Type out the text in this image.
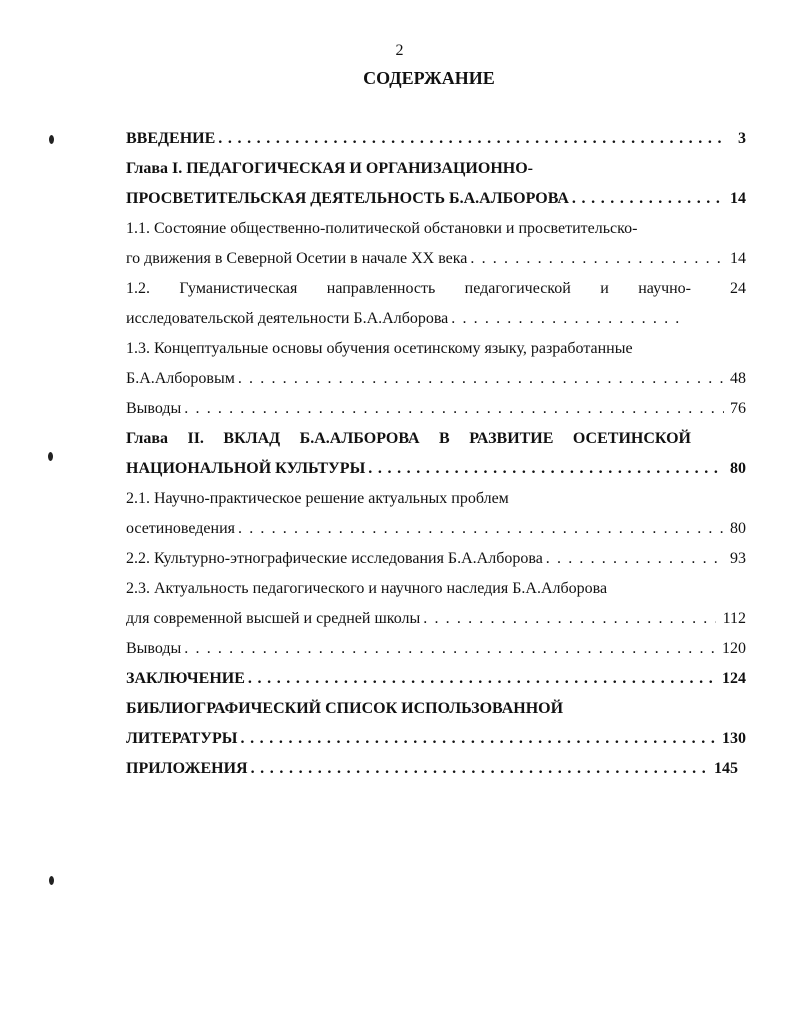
2
СОДЕРЖАНИЕ
ВВЕДЕНИЕ . . .	3
Глава I. ПЕДАГОГИЧЕСКАЯ И ОРГАНИЗАЦИОННО-
ПРОСВЕТИТЕЛЬСКАЯ ДЕЯТЕЛЬНОСТЬ Б.А.АЛБОРОВА . . .	14
1.1. Состояние общественно-политической обстановки и просветительско-
го движения в Северной Осетии в начале XX века . . .	14
1.2. Гуманистическая направленность педагогической и научно-	24
исследовательской деятельности Б.А.Алборова
. . .
1.3. Концептуальные основы обучения осетинскому языку, разработанные
Б.А.Алборовым . . .	48
Выводы . . .	76
Глава II. ВКЛАД Б.А.АЛБОРОВА В РАЗВИТИЕ ОСЕТИНСКОЙ
НАЦИОНАЛЬНОЙ КУЛЬТУРЫ . . .	80
2.1. Научно-практическое решение актуальных проблем
осетиноведения . . .	80
2.2. Культурно-этнографические исследования Б.А.Алборова . . .	93
2.3. Актуальность педагогического и научного наследия Б.А.Алборова
для современной высшей и средней школы . . .	112
Выводы . . .	120
ЗАКЛЮЧЕНИЕ . . .	124
БИБЛИОГРАФИЧЕСКИЙ СПИСОК ИСПОЛЬЗОВАННОЙ
ЛИТЕРАТУРЫ . . .	130
ПРИЛОЖЕНИЯ . . .	145
